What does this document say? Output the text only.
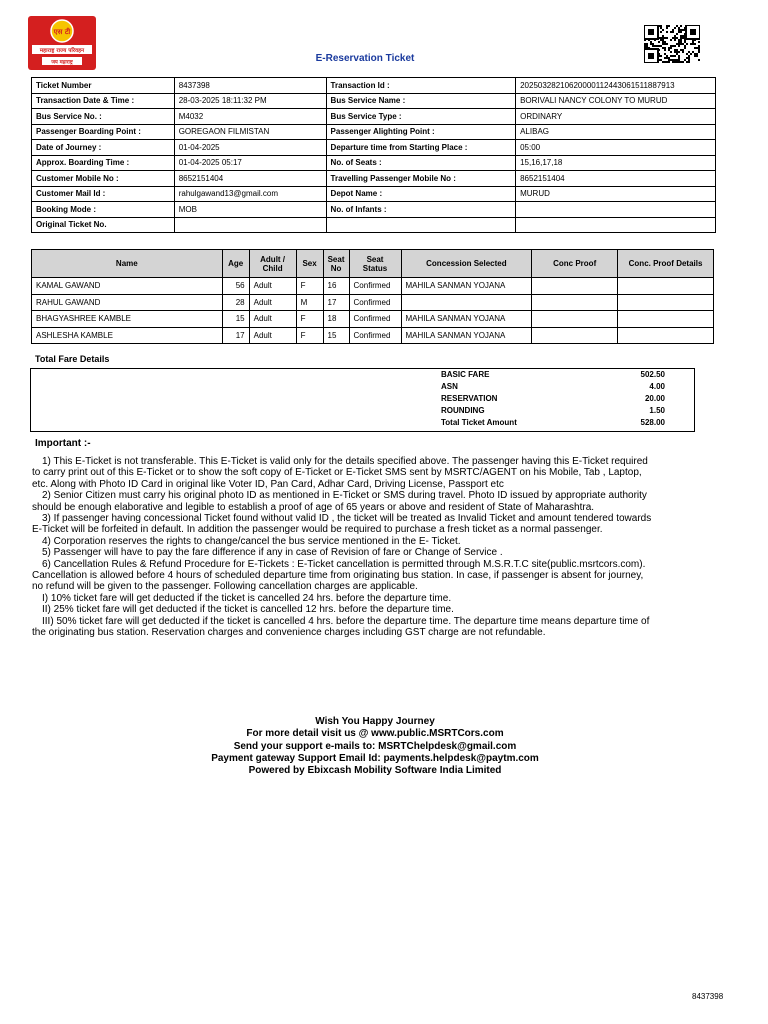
एस टी
महाराष्ट्र राज्य परिवहन
जय महाराष्ट्र	E-Reservation Ticket
Ticket Number	8437398	Transaction Id :	20250328210620000112443061511887913
Transaction Date & Time :	28-03-2025 18:11:32 PM	Bus Service Name :	BORIVALI NANCY COLONY TO MURUD
Bus Service No. :	M4032	Bus Service Type :	ORDINARY
Passenger Boarding Point :	GOREGAON FILMISTAN	Passenger Alighting Point :	ALIBAG
Date of Journey :	01-04-2025	Departure time from Starting Place :	05:00
Approx. Boarding Time :	01-04-2025 05:17	No. of Seats :	15,16,17,18
Customer Mobile No :	8652151404	Travelling Passenger Mobile No :	8652151404
Customer Mail Id :	rahulgawand13@gmail.com	Depot Name :	MURUD
Booking Mode :	MOB	No. of Infants :	
Original Ticket No.			
Name	Age	Adult / Child	Sex	Seat No	Seat Status	Concession Selected	Conc Proof	Conc. Proof Details
KAMAL GAWAND	56	Adult	F	16	Confirmed	MAHILA SANMAN YOJANA		
RAHUL GAWAND	28	Adult	M	17	Confirmed			
BHAGYASHREE KAMBLE	15	Adult	F	18	Confirmed	MAHILA SANMAN YOJANA		
ASHLESHA KAMBLE	17	Adult	F	15	Confirmed	MAHILA SANMAN YOJANA		
Total Fare Details
BASIC FARE	502.50
ASN	4.00
RESERVATION	20.00
ROUNDING	1.50
Total Ticket Amount	528.00
Important :-

1) This E-Ticket is not transferable. This E-Ticket is valid only for the details specified above. The passenger having this E-Ticket required to carry print out of this E-Ticket or to show the soft copy of E-Ticket or E-Ticket SMS sent by MSRTC/AGENT on his Mobile, Tab , Laptop, etc. Along with Photo ID Card in original like Voter ID, Pan Card, Adhar Card, Driving License, Passport etc

2) Senior Citizen must carry his original photo ID as mentioned in E-Ticket or SMS during travel. Photo ID issued by appropriate authority should be enough elaborative and legible to establish a proof of age of 65 years or above and resident of State of Maharashtra.

3) If passenger having concessional Ticket found without valid ID , the ticket will be treated as Invalid Ticket and amount tendered towards E-Ticket will be forfeited in default. In addition the passenger would be required to purchase a fresh ticket as a normal passenger.

4) Corporation reserves the rights to change/cancel the bus service mentioned in the E- Ticket.

5) Passenger will have to pay the fare difference if any in case of Revision of fare or Change of Service .

6) Cancellation Rules & Refund Procedure for E-Tickets : E-Ticket cancellation is permitted through M.S.R.T.C site(public.msrtcors.com). Cancellation is allowed before 4 hours of scheduled departure time from originating bus station. In case, if passenger is absent for journey, no refund will be given to the passenger. Following cancellation charges are applicable.

I) 10% ticket fare will get deducted if the ticket is cancelled 24 hrs. before the departure time.

II) 25% ticket fare will get deducted if the ticket is cancelled 12 hrs. before the departure time.

III) 50% ticket fare will get deducted if the ticket is cancelled 4 hrs. before the departure time. The departure time means departure time of the originating bus station. Reservation charges and convenience charges including GST charge are not refundable.

Wish You Happy Journey
For more detail visit us @ www.public.MSRTCors.com
Send your support e-mails to: MSRTChelpdesk@gmail.com
Payment gateway Support Email Id: payments.helpdesk@paytm.com
Powered by Ebixcash Mobility Software India Limited
8437398
